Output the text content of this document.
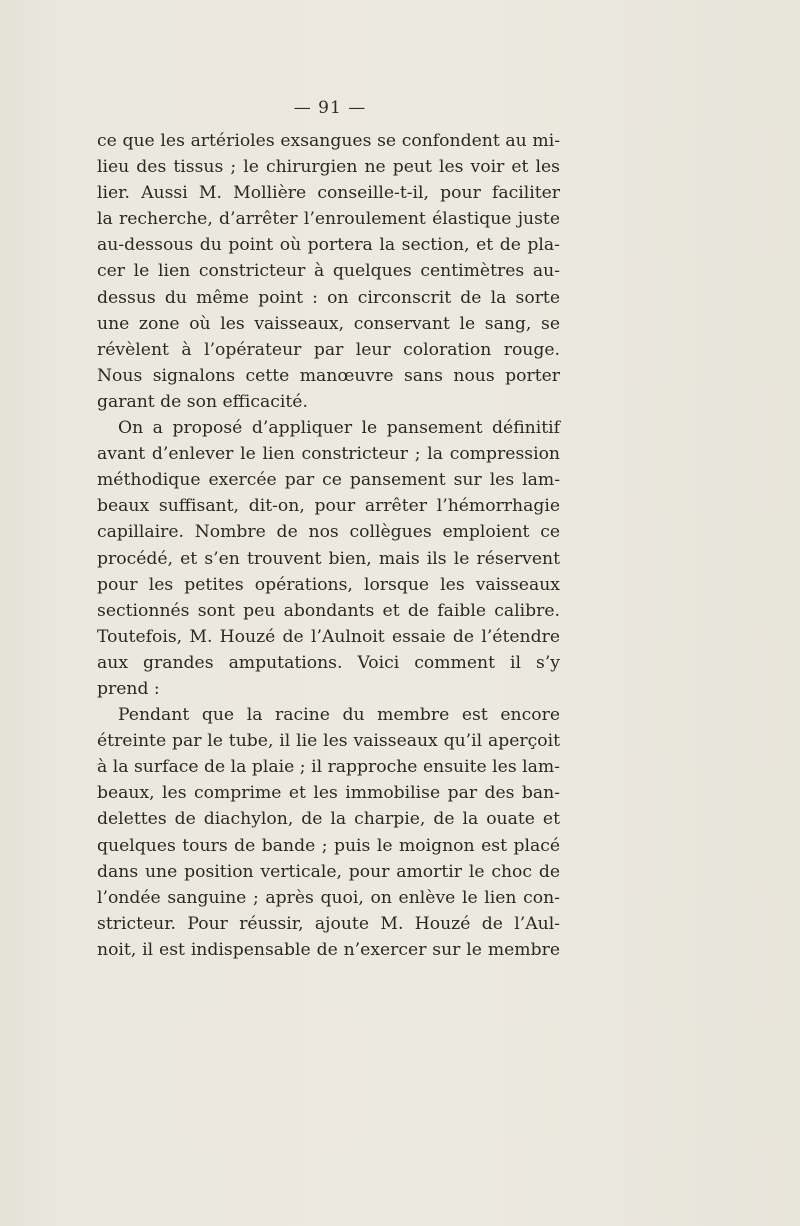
— 91 —
ce que les artérioles exsangues se confondent au mi-
lieu des tissus ; le chirurgien ne peut les voir et les
lier. Aussi M. Mollière conseille-t-il, pour faciliter
la recherche, d’arrêter l’enroulement élastique juste
au-dessous du point où portera la section, et de pla-
cer le lien constricteur à quelques centimètres au-
dessus du même point : on circonscrit de la sorte
une zone où les vaisseaux, conservant le sang, se
révèlent à l’opérateur par leur coloration rouge.
Nous signalons cette manœuvre sans nous porter
garant de son efficacité.
On a proposé d’appliquer le pansement définitif
avant d’enlever le lien constricteur ; la compression
méthodique exercée par ce pansement sur les lam-
beaux suffisant, dit-on, pour arrêter l’hémorrhagie
capillaire. Nombre de nos collègues emploient ce
procédé, et s’en trouvent bien, mais ils le réservent
pour les petites opérations, lorsque les vaisseaux
sectionnés sont peu abondants et de faible calibre.
Toutefois, M. Houzé de l’Aulnoit essaie de l’étendre
aux grandes amputations. Voici comment il s’y
prend :
Pendant que la racine du membre est encore
étreinte par le tube, il lie les vaisseaux qu’il aperçoit
à la surface de la plaie ; il rapproche ensuite les lam-
beaux, les comprime et les immobilise par des ban-
delettes de diachylon, de la charpie, de la ouate et
quelques tours de bande ; puis le moignon est placé
dans une position verticale, pour amortir le choc de
l’ondée sanguine ; après quoi, on enlève le lien con-
stricteur. Pour réussir, ajoute M. Houzé de l’Aul-
noit, il est indispensable de n’exercer sur le membre
